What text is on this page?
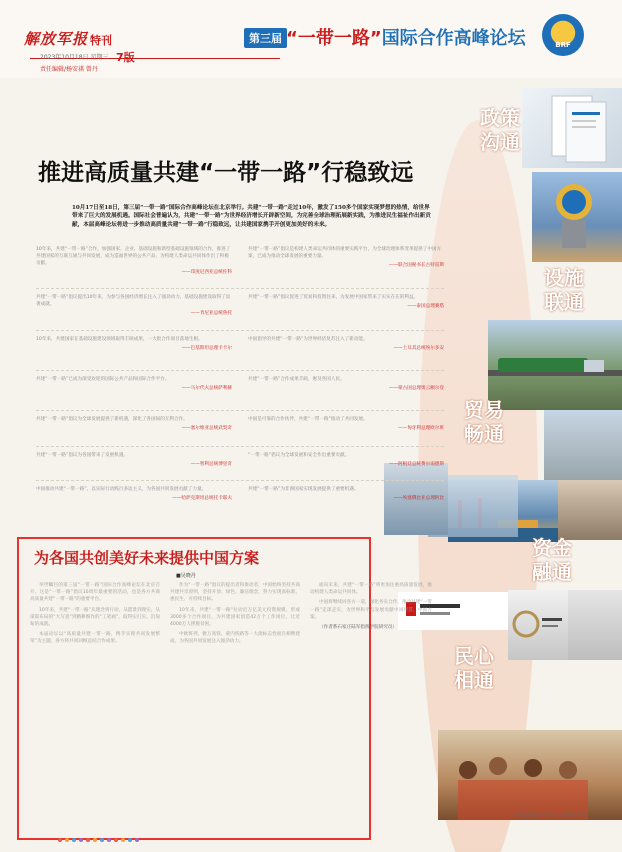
解放军报 特刊
2023年10月18日 星期三 7版
责任编辑/杨安祺 曾丹
第三届 “一带一路”国际合作高峰论坛	BRF
政策
沟通
设施
联通
贸易
畅通
资金
融通
民心
相通
推进高质量共建“一带一路”行稳致远
10月17日至18日，第三届“一带一路”国际合作高峰论坛在北京举行。共建“一带一路”走过10年，激发了150多个国家实现梦想的热情，给世界带来了巨大的发展机遇。国际社会普遍认为，共建“一带一路”为世界经济增长开辟新空间，为完善全球治理拓展新实践，为推进民生福祉作出新贡献，本届高峰论坛将进一步推动高质量共建“一带一路”行稳致远，让共建国家携手开创更加美好的未来。
10年来，共建“一带一路”合作，加强国家、企业、基础设施和新型基础设施领域的合作，推进了共建国家的互联互通与共同发展，成为造福世界的公共产品，为构建人类命运共同体作出了积极贡献。
——印度尼西亚总统佐科
共建“一带一路”倡议是构建人类命运共同体的重要实践平台，为全球治理体系变革提供了中国方案，已成为推动全球发展的重要力量。
——联合国秘书长古特雷斯
共建“一带一路”倡议提出10年来，为参与各国经济增长注入了强劲动力，基础设施建设取得了显著成就。
——肯尼亚总统鲁托
共建“一带一路”倡议促进了贸易和投资往来，为发展中国家带来了实实在在的利益。
——泰国总理赛塔
10年来，共建国家在基础设施建设领域取得丰硕成果，一大批合作项目落地生根。
——巴基斯坦总理卡卡尔
中国倡导的共建“一带一路”为世界经济复苏注入了新动能。
——土耳其总统埃尔多安
共建“一带一路”已成为深受欢迎的国际公共产品和国际合作平台。
——马尔代夫总统萨利赫
共建“一带一路”合作成果丰硕，惠及各国人民。
——蒙古国总理奥云额尔登
共建“一带一路”倡议为全球发展提供了新机遇，深化了各国间的互利合作。
——塞尔维亚总统武契奇
中国是可靠的合作伙伴，共建“一带一路”推动了共同发展。
——匈牙利总理欧尔班
共建“一带一路”倡议为各国带来了发展机遇。
——智利总统博里奇
“一带一路”倡议为全球发展和安全作出重要贡献。
——阿根廷总统费尔南德斯
中国推动共建“一带一路”，以实际行动践行多边主义，为各国共同发展贡献了力量。
——哈萨克斯坦总统托卡耶夫
共建“一带一路”为非洲国家实现发展提供了重要机遇。
——埃塞俄比亚总理阿比
为各国共创美好未来提供中国方案
■吴晓丹

举世瞩目的第三届“一带一路”国际合作高峰论坛在北京召开。这是“一带一路”倡议10周年最重要的活动，也是各方共商高质量共建“一带一路”的重要平台。

10年来，共建“一带一路”从理念到行动，从愿景到现实，从谋篇布局的“大写意”到精耕细作的“工笔画”，取得实打实、沉甸甸的成就。

本届论坛以“高质量共建一带一路，携手实现共同发展繁荣”为主题，各方将共同回顾总结合作成果。

作为“一带一路”倡议的提出者和推动者，中国始终坚持共商共建共享原则，坚持开放、绿色、廉洁理念，努力实现高标准、惠民生、可持续目标。

10年来，共建“一带一路”拉动近万亿美元投资规模，形成3000多个合作项目，为共建国家创造42万个工作岗位，让近4000万人摆脱贫困。

中欧班列、雅万高铁、蒙内铁路等一大批标志性项目相继建成，为各国共同发展注入强劲动力。

面向未来，共建“一带一路”将更加注重高质量发展，推动构建人类命运共同体。

中国将继续同各方一道，深化务实合作，推动共建“一带一路”走深走实，为世界和平与发展贡献中国智慧、中国方案。

（作者系石家庄陆军指挥学院研究员）

版式设计/曾丹 图片来源/新华社
